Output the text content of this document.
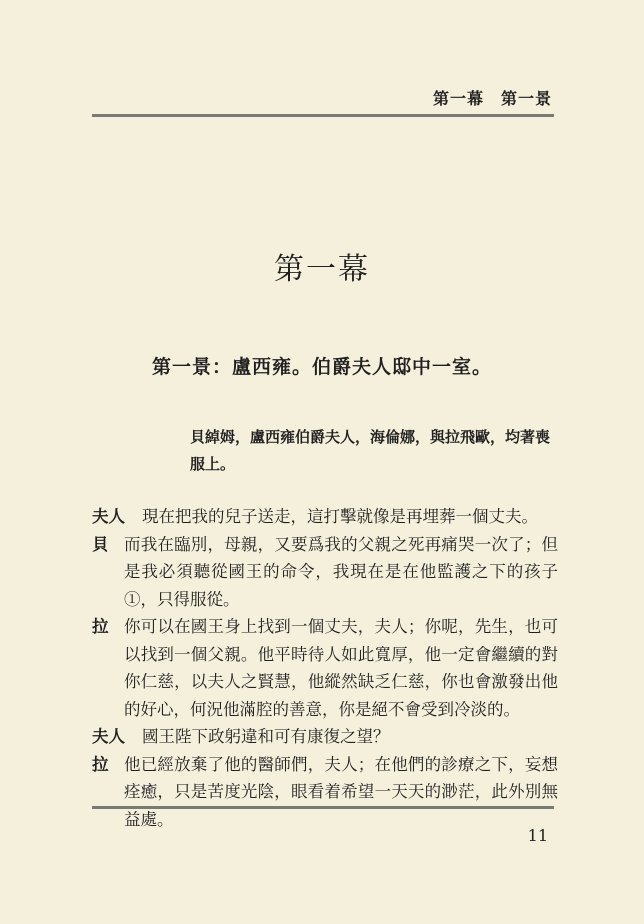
第一幕　第一景
第一幕
第一景：盧西雍。伯爵夫人邸中一室。
貝綽姆，盧西雍伯爵夫人，海倫娜，與拉飛歐，均著喪服上。
夫人	現在把我的兒子送走，這打擊就像是再埋葬一個丈夫。
貝 而我在臨別，母親，又要爲我的父親之死再痛哭一次了；但是我必須聽從國王的命令，我現在是在他監護之下的孩子①，只得服從。
拉 你可以在國王身上找到一個丈夫，夫人；你呢，先生，也可以找到一個父親。他平時待人如此寬厚，他一定會繼續的對你仁慈，以夫人之賢慧，他縱然缺乏仁慈，你也會激發出他的好心，何況他滿腔的善意，你是絕不會受到冷淡的。
夫人	國王陛下政躬違和可有康復之望？
拉 他已經放棄了他的醫師們，夫人；在他們的診療之下，妄想痊癒，只是苦度光陰，眼看着希望一天天的渺茫，此外別無益處。
11
